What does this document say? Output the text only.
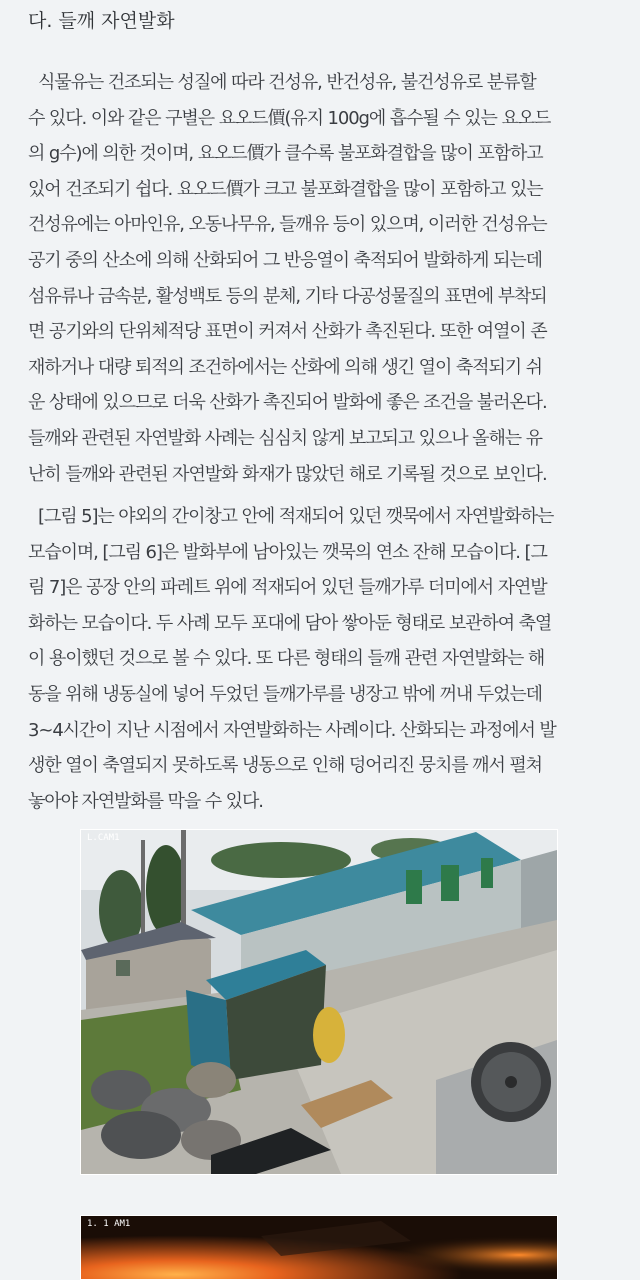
다. 들깨 자연발화
식물유는 건조되는 성질에 따라 건성유, 반건성유, 불건성유로 분류할
수 있다. 이와 같은 구별은 요오드價(유지 100g에 흡수될 수 있는 요오드
의 g수)에 의한 것이며, 요오드價가 클수록 불포화결합을 많이 포함하고
있어 건조되기 쉽다. 요오드價가 크고 불포화결합을 많이 포함하고 있는
건성유에는 아마인유, 오동나무유, 들깨유 등이 있으며, 이러한 건성유는
공기 중의 산소에 의해 산화되어 그 반응열이 축적되어 발화하게 되는데
섬유류나 금속분, 활성백토 등의 분체, 기타 다공성물질의 표면에 부착되
면 공기와의 단위체적당 표면이 커져서 산화가 촉진된다. 또한 여열이 존
재하거나 대량 퇴적의 조건하에서는 산화에 의해 생긴 열이 축적되기 쉬
운 상태에 있으므로 더욱 산화가 촉진되어 발화에 좋은 조건을 불러온다.
들깨와 관련된 자연발화 사례는 심심치 않게 보고되고 있으나 올해는 유
난히 들깨와 관련된 자연발화 화재가 많았던 해로 기록될 것으로 보인다.
[그림 5]는 야외의 간이창고 안에 적재되어 있던 깻묵에서 자연발화하는
모습이며, [그림 6]은 발화부에 남아있는 깻묵의 연소 잔해 모습이다. [그
림 7]은 공장 안의 파레트 위에 적재되어 있던 들깨가루 더미에서 자연발
화하는 모습이다. 두 사례 모두 포대에 담아 쌓아둔 형태로 보관하여 축열
이 용이했던 것으로 볼 수 있다. 또 다른 형태의 들깨 관련 자연발화는 해
동을 위해 냉동실에 넣어 두었던 들깨가루를 냉장고 밖에 꺼내 두었는데
3~4시간이 지난 시점에서 자연발화하는 사례이다. 산화되는 과정에서 발
생한 열이 축열되지 못하도록 냉동으로 인해 덩어리진 뭉치를 깨서 펼쳐
놓아야 자연발화를 막을 수 있다.
L.CAM1
1. 1 AM1
